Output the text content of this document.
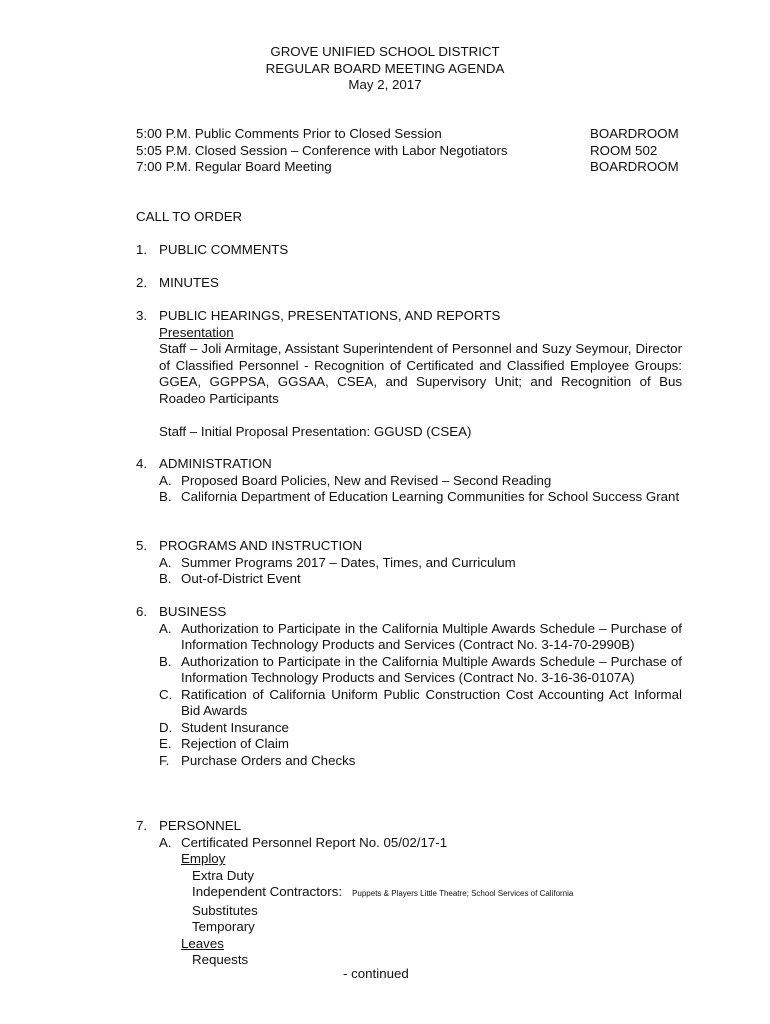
GROVE UNIFIED SCHOOL DISTRICT
REGULAR BOARD MEETING AGENDA
May 2, 2017
5:00 P.M. Public Comments Prior to Closed Session	BOARDROOM
5:05 P.M. Closed Session – Conference with Labor Negotiators	ROOM 502
7:00 P.M. Regular Board Meeting	BOARDROOM
CALL TO ORDER
1. PUBLIC COMMENTS
2. MINUTES
3. PUBLIC HEARINGS, PRESENTATIONS, AND REPORTS
Presentation
Staff – Joli Armitage, Assistant Superintendent of Personnel and Suzy Seymour, Director of Classified Personnel - Recognition of Certificated and Classified Employee Groups: GGEA, GGPPSA, GGSAA, CSEA, and Supervisory Unit; and Recognition of Bus Roadeo Participants
Staff – Initial Proposal Presentation: GGUSD (CSEA)
4. ADMINISTRATION
A. Proposed Board Policies, New and Revised – Second Reading
B. California Department of Education Learning Communities for School Success Grant
5. PROGRAMS AND INSTRUCTION
A. Summer Programs 2017 – Dates, Times, and Curriculum
B. Out-of-District Event
6. BUSINESS
A. Authorization to Participate in the California Multiple Awards Schedule – Purchase of Information Technology Products and Services (Contract No. 3-14-70-2990B)
B. Authorization to Participate in the California Multiple Awards Schedule – Purchase of Information Technology Products and Services (Contract No. 3-16-36-0107A)
C. Ratification of California Uniform Public Construction Cost Accounting Act Informal Bid Awards
D. Student Insurance
E. Rejection of Claim
F. Purchase Orders and Checks
7. PERSONNEL
A. Certificated Personnel Report No. 05/02/17-1
Employ
Extra Duty
Independent Contractors: Puppets & Players Little Theatre; School Services of California
Substitutes
Temporary
Leaves
Requests
- continued
